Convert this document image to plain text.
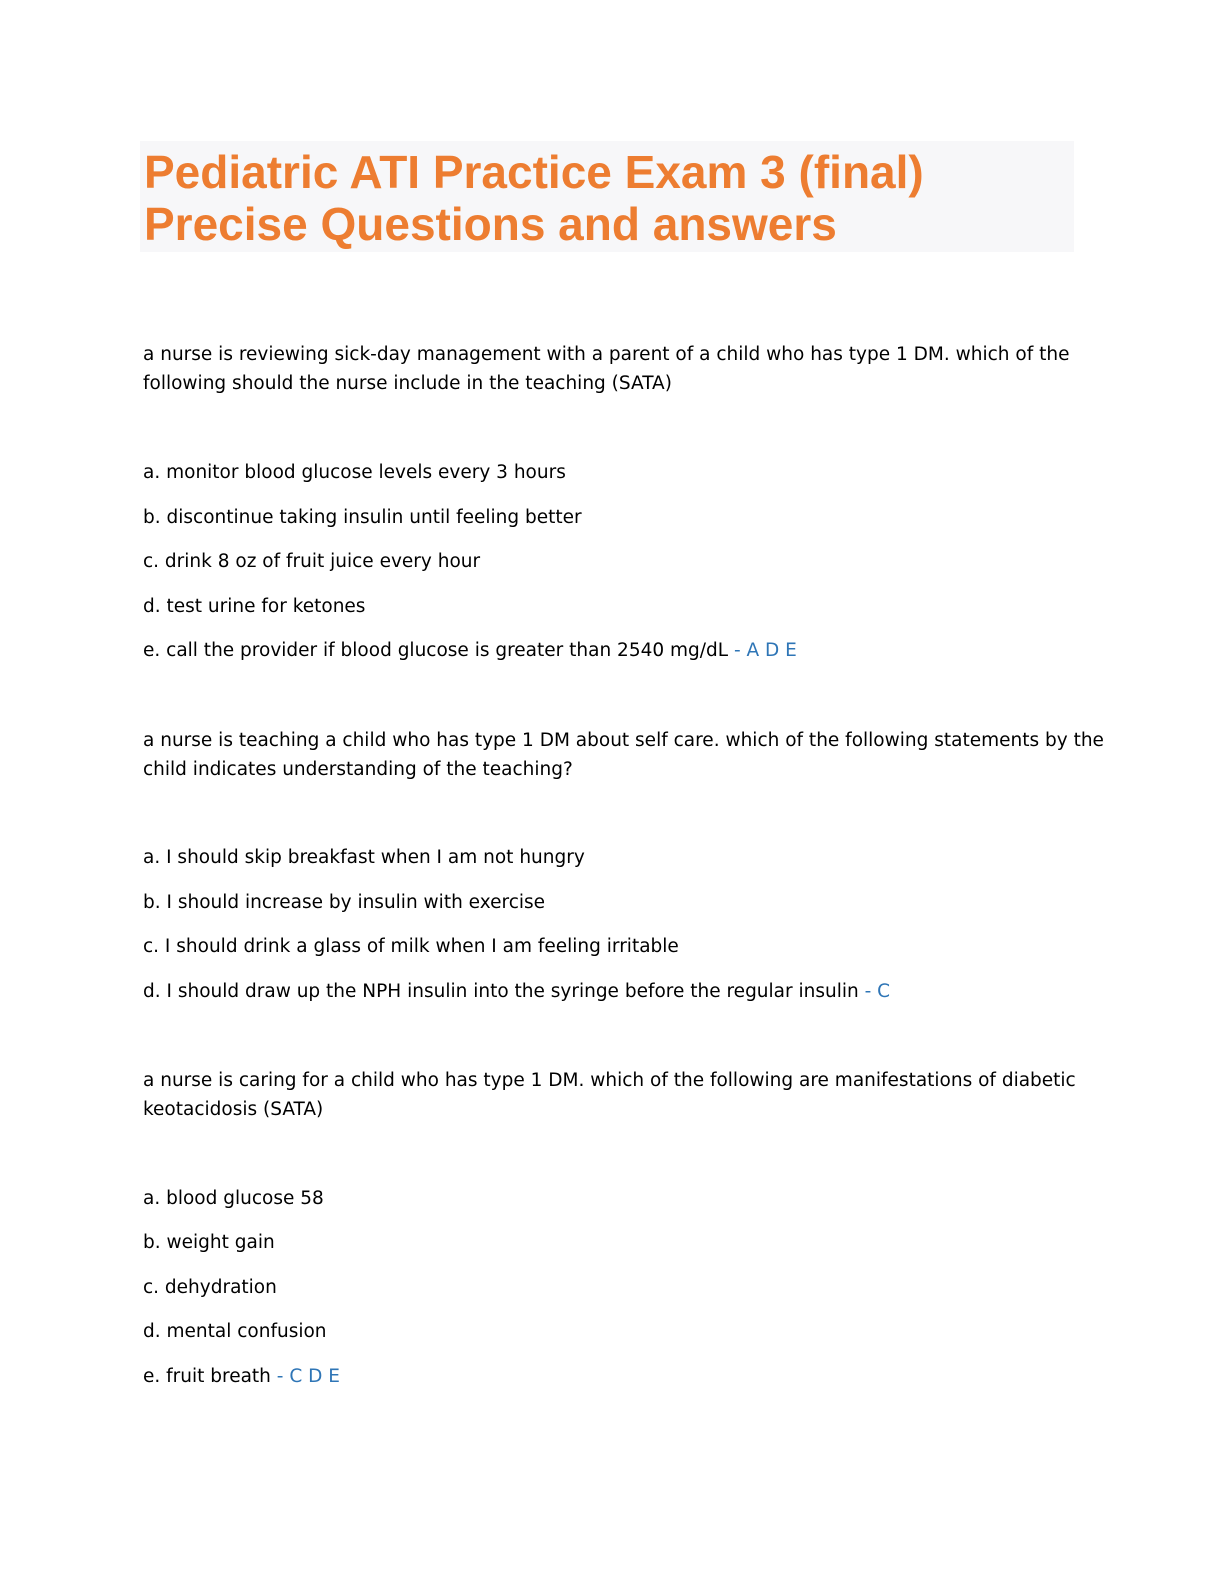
Pediatric ATI Practice Exam 3 (final)
Precise Questions and answers
a nurse is reviewing sick-day management with a parent of a child who has type 1 DM. which of the
following should the nurse include in the teaching (SATA)
a. monitor blood glucose levels every 3 hours
b. discontinue taking insulin until feeling better
c. drink 8 oz of fruit juice every hour
d. test urine for ketones
e. call the provider if blood glucose is greater than 2540 mg/dL - A D E
a nurse is teaching a child who has type 1 DM about self care. which of the following statements by the
child indicates understanding of the teaching?
a. I should skip breakfast when I am not hungry
b. I should increase by insulin with exercise
c. I should drink a glass of milk when I am feeling irritable
d. I should draw up the NPH insulin into the syringe before the regular insulin - C
a nurse is caring for a child who has type 1 DM. which of the following are manifestations of diabetic
keotacidosis (SATA)
a. blood glucose 58
b. weight gain
c. dehydration
d. mental confusion
e. fruit breath - C D E
